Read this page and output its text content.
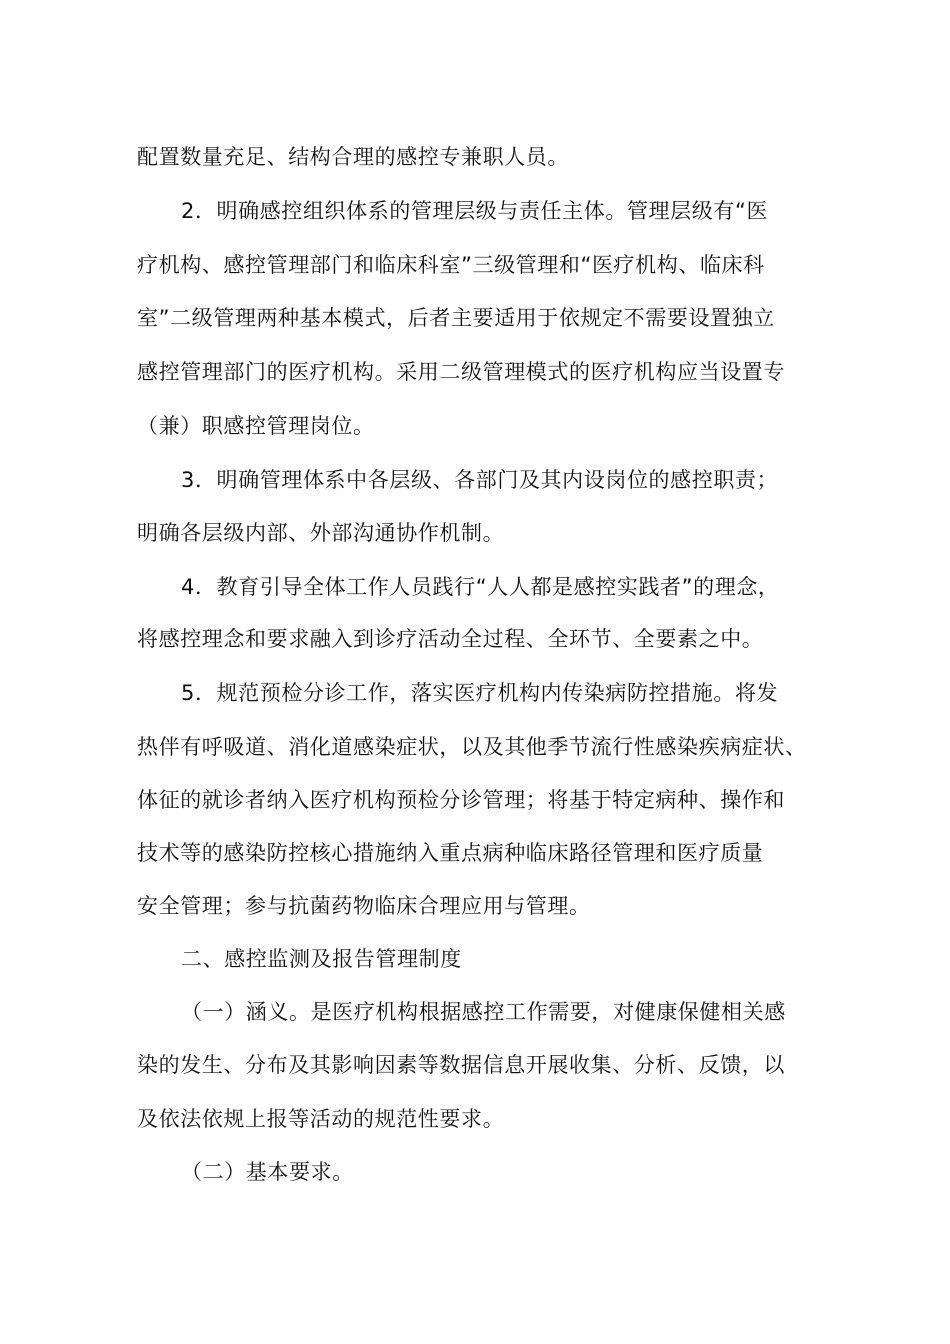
配置数量充足、结构合理的感控专兼职人员。
2．明确感控组织体系的管理层级与责任主体。管理层级有“医
疗机构、感控管理部门和临床科室”三级管理和“医疗机构、临床科
室”二级管理两种基本模式，后者主要适用于依规定不需要设置独立
感控管理部门的医疗机构。采用二级管理模式的医疗机构应当设置专
（兼）职感控管理岗位。
3．明确管理体系中各层级、各部门及其内设岗位的感控职责；
明确各层级内部、外部沟通协作机制。
4．教育引导全体工作人员践行“人人都是感控实践者”的理念，
将感控理念和要求融入到诊疗活动全过程、全环节、全要素之中。
5．规范预检分诊工作，落实医疗机构内传染病防控措施。将发
热伴有呼吸道、消化道感染症状，以及其他季节流行性感染疾病症状、
体征的就诊者纳入医疗机构预检分诊管理；将基于特定病种、操作和
技术等的感染防控核心措施纳入重点病种临床路径管理和医疗质量
安全管理；参与抗菌药物临床合理应用与管理。
二、感控监测及报告管理制度
（一）涵义。是医疗机构根据感控工作需要，对健康保健相关感
染的发生、分布及其影响因素等数据信息开展收集、分析、反馈，以
及依法依规上报等活动的规范性要求。
（二）基本要求。
